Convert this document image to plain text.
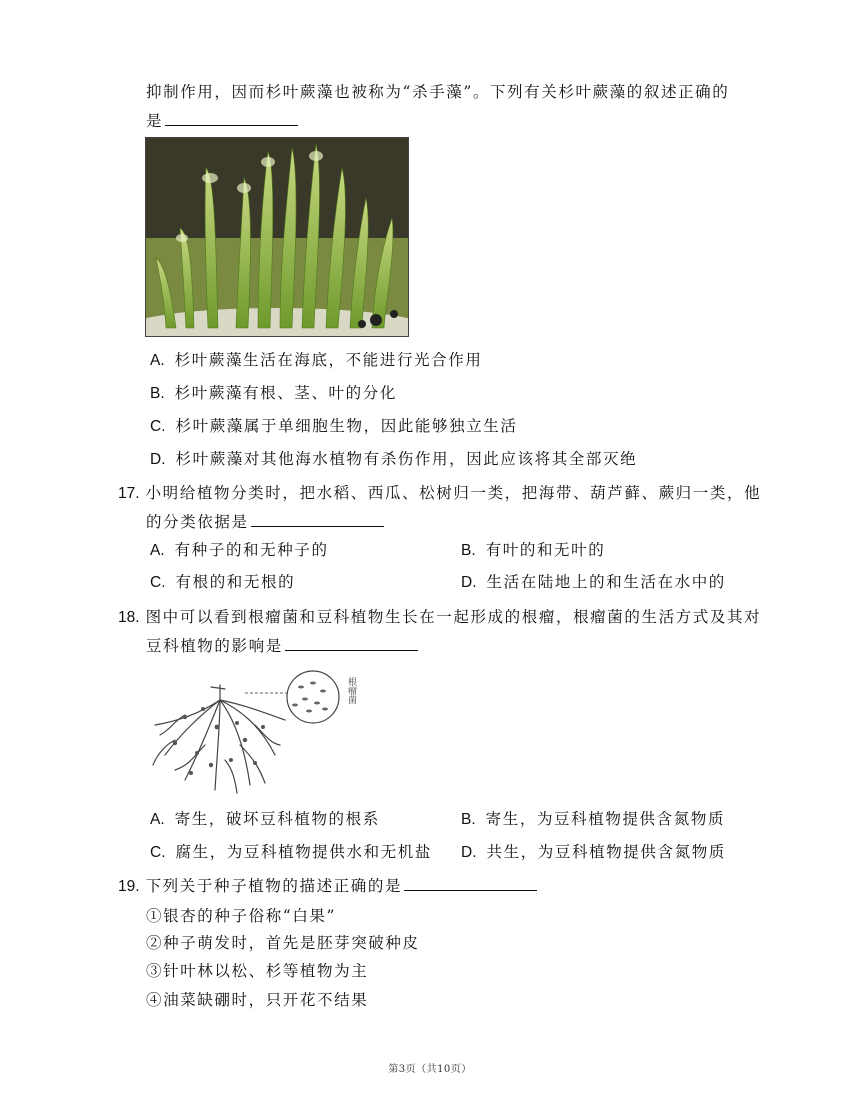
抑制作用，因而杉叶蕨藻也被称为“杀手藻”。下列有关杉叶蕨藻的叙述正确的
是
A. 杉叶蕨藻生活在海底，不能进行光合作用
B. 杉叶蕨藻有根、茎、叶的分化
C. 杉叶蕨藻属于单细胞生物，因此能够独立生活
D. 杉叶蕨藻对其他海水植物有杀伤作用，因此应该将其全部灭绝
17. 小明给植物分类时，把水稻、西瓜、松树归一类，把海带、葫芦藓、蕨归一类，他
的分类依据是
A. 有种子的和无种子的	B. 有叶的和无叶的
C. 有根的和无根的	D. 生活在陆地上的和生活在水中的
18. 图中可以看到根瘤菌和豆科植物生长在一起形成的根瘤，根瘤菌的生活方式及其对
豆科植物的影响是
根瘤菌
A. 寄生，破坏豆科植物的根系	B. 寄生，为豆科植物提供含氮物质
C. 腐生，为豆科植物提供水和无机盐 D. 共生，为豆科植物提供含氮物质
19. 下列关于种子植物的描述正确的是
①银杏的种子俗称“白果”
②种子萌发时，首先是胚芽突破种皮
③针叶林以松、杉等植物为主
④油菜缺硼时，只开花不结果
第3页（共10页）
